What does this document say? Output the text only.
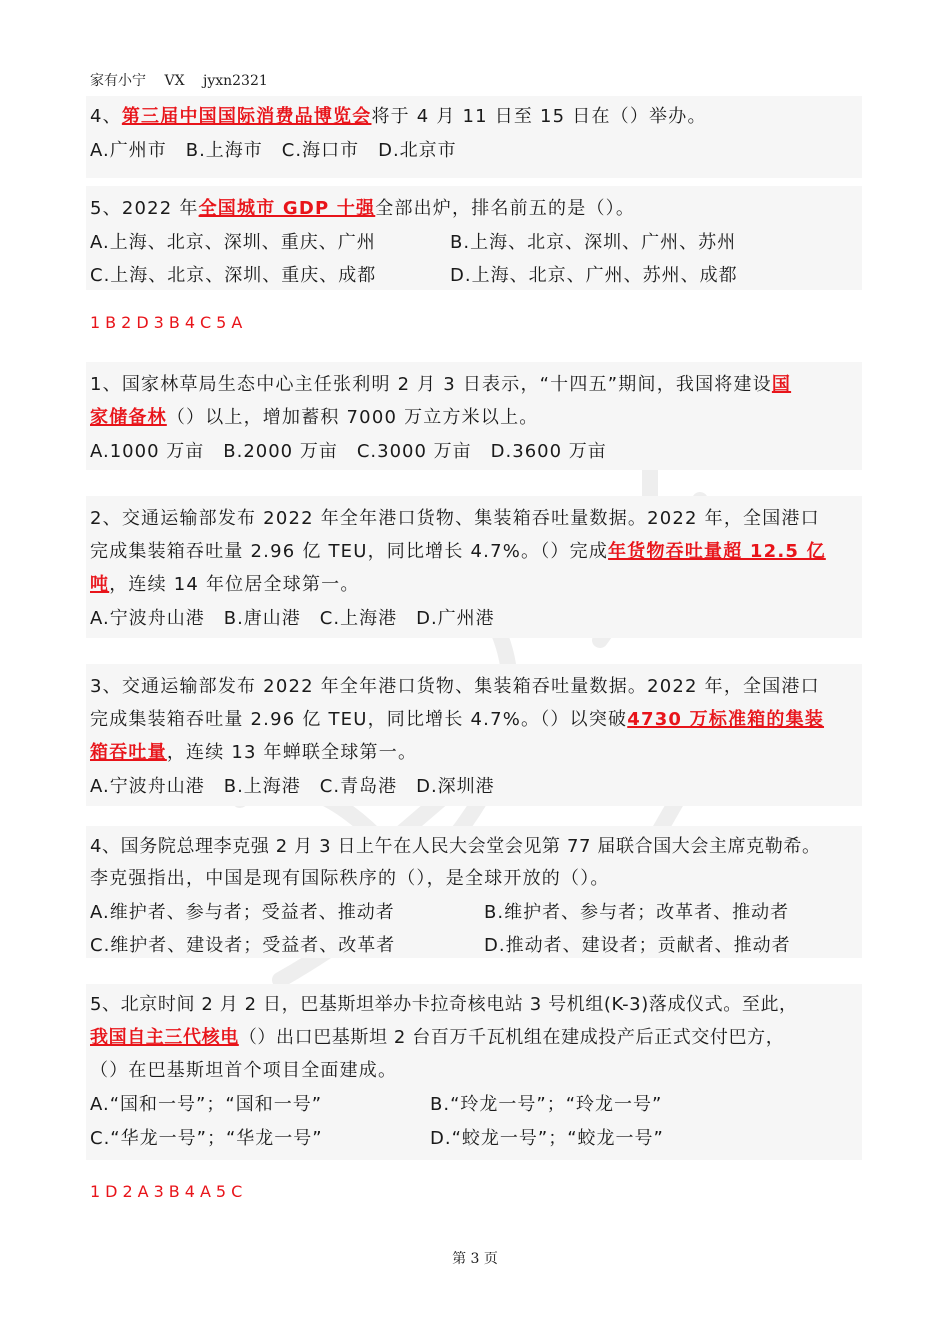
家有小宁 VX jyxn2321
4、第三届中国国际消费品博览会将于 4 月 11 日至 15 日在（）举办。
A.广州市　B.上海市　C.海口市　D.北京市
5、2022 年全国城市 GDP 十强全部出炉，排名前五的是（）。
A.上海、北京、深圳、重庆、广州	B.上海、北京、深圳、广州、苏州
C.上海、北京、深圳、重庆、成都	D.上海、北京、广州、苏州、成都
1B2D3B4C5A
1、国家林草局生态中心主任张利明 2 月 3 日表示，“十四五”期间，我国将建设国
家储备林（）以上，增加蓄积 7000 万立方米以上。
A.1000 万亩　B.2000 万亩　C.3000 万亩　D.3600 万亩
2、交通运输部发布 2022 年全年港口货物、集装箱吞吐量数据。2022 年，全国港口
完成集装箱吞吐量 2.96 亿 TEU，同比增长 4.7%。（）完成年货物吞吐量超 12.5 亿
吨，连续 14 年位居全球第一。
A.宁波舟山港　B.唐山港　C.上海港　D.广州港
3、交通运输部发布 2022 年全年港口货物、集装箱吞吐量数据。2022 年，全国港口
完成集装箱吞吐量 2.96 亿 TEU，同比增长 4.7%。（）以突破4730 万标准箱的集装
箱吞吐量，连续 13 年蝉联全球第一。
A.宁波舟山港　B.上海港　C.青岛港　D.深圳港
4、国务院总理李克强 2 月 3 日上午在人民大会堂会见第 77 届联合国大会主席克勒希。
李克强指出，中国是现有国际秩序的（），是全球开放的（）。
A.维护者、参与者；受益者、推动者	B.维护者、参与者；改革者、推动者
C.维护者、建设者；受益者、改革者	D.推动者、建设者；贡献者、推动者
5、北京时间 2 月 2 日，巴基斯坦举办卡拉奇核电站 3 号机组(K-3)落成仪式。至此，
我国自主三代核电（）出口巴基斯坦 2 台百万千瓦机组在建成投产后正式交付巴方，
（）在巴基斯坦首个项目全面建成。
A.“国和一号”；“国和一号”	B.“玲龙一号”；“玲龙一号”
C.“华龙一号”；“华龙一号”	D.“蛟龙一号”；“蛟龙一号”
1D2A3B4A5C
第 3 页
